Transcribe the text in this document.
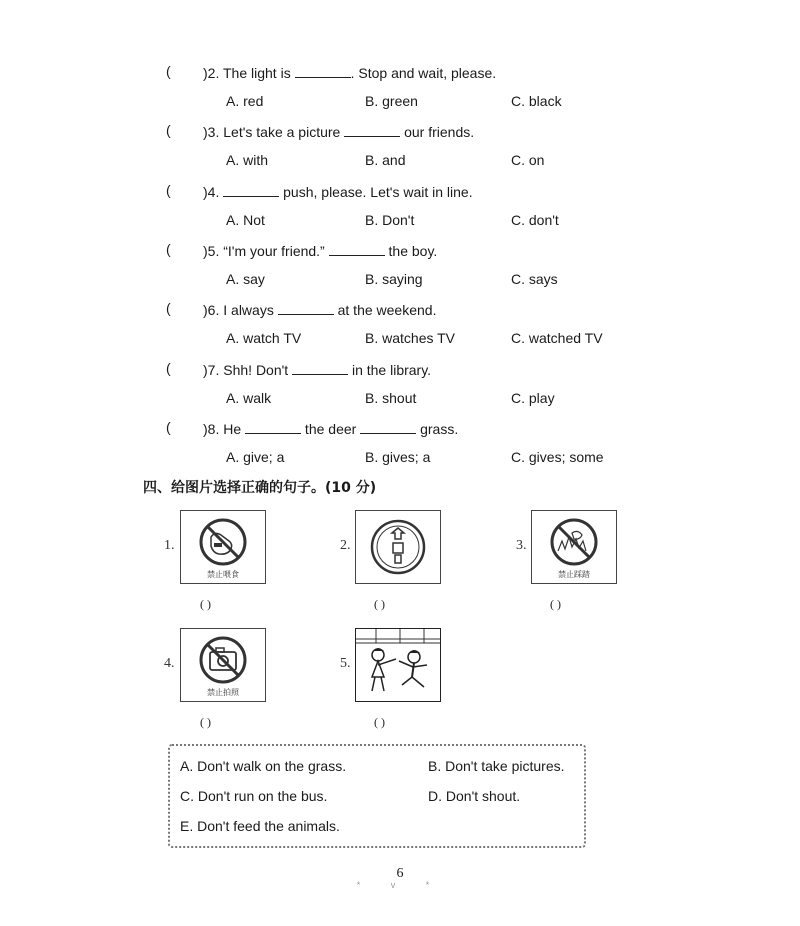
( )2. The light is	. Stop and wait, please.
A. red	B. green	C. black
( )3. Let's take a picture	our friends.
A. with	B. and	C. on
( )4.	push, please. Let's wait in line.
A. Not	B. Don't	C. don't
( )5. “I'm your friend.”	the boy.
A. say	B. saying	C. says
( )6. I always	at the weekend.
A. watch TV	B. watches TV	C. watched TV
( )7. Shh! Don't	in the library.
A. walk	B. shout	C. play
( )8. He	the deer	grass.
A. give; a	B. gives; a	C. gives; some
四、给图片选择正确的句子。(10 分)
1.
禁止喂食
( )
2.
( )
3.
禁止踩踏
( )
4.
禁止拍照
( )
5.
( )
A. Don't walk on the grass.	B. Don't take pictures.
C. Don't run on the bus.	D. Don't shout.
E. Don't feed the animals.
6
* v *
